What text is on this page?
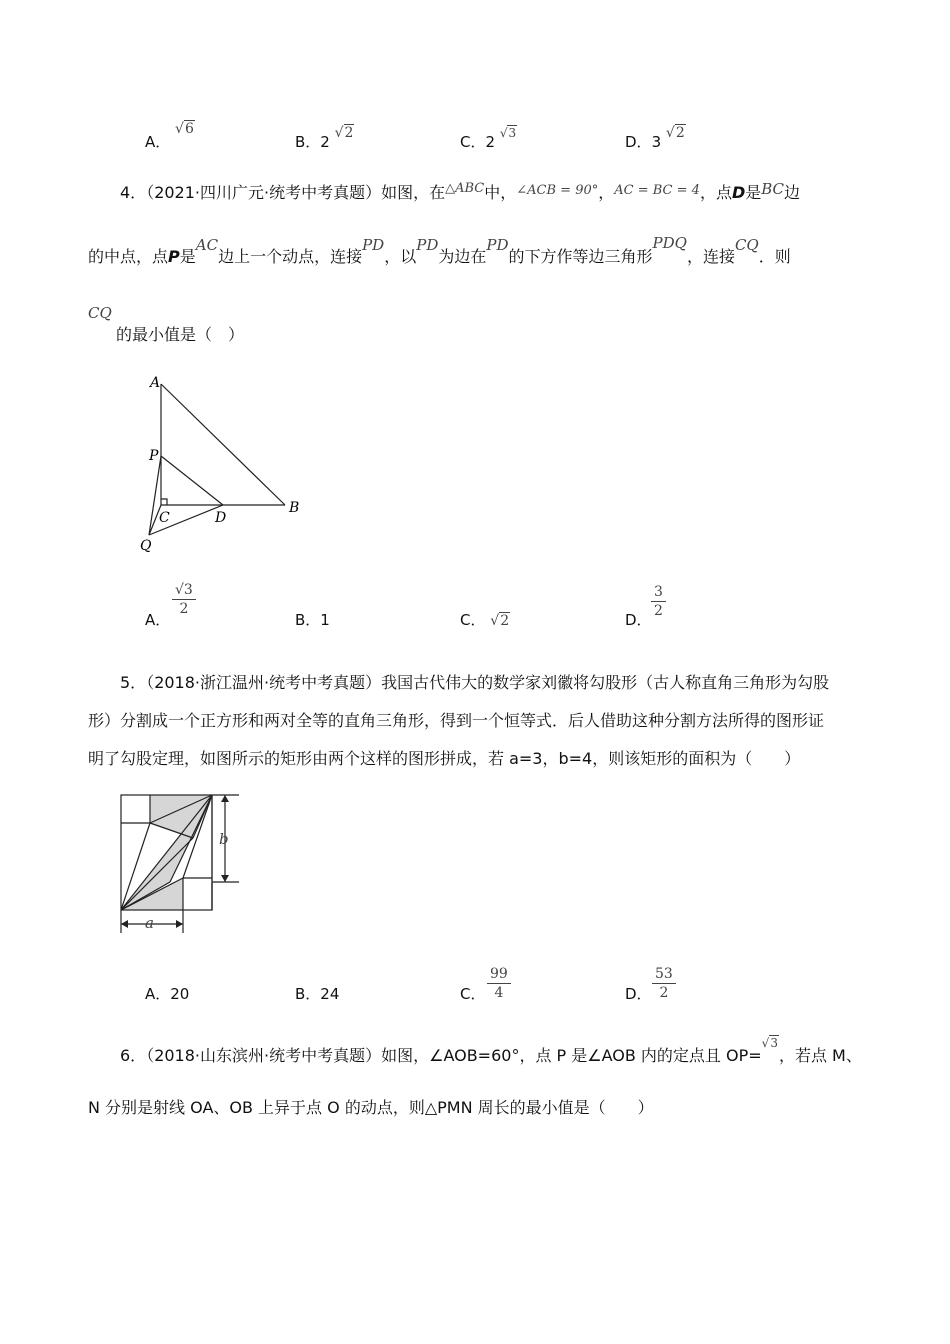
A． √6
B．2 √2	C．2 $^{√3}$	D．3 √2
4．（2021·四川广元·统考中考真题）如图，在$^{\triangle ABC}$中，$^{\angle ACB = 90^\circ}$，$^{AC = BC = 4}$，点D是BC边
的中点，点P是AC边上一个动点，连接PD，以PD为边在PD的下方作等边三角形PDQ，连接CQ．则
CQ
的最小值是（　）
A
P
C	D
B
Q
A．
√3
2
B．1	C． √2	D．
3
2
5．（2018·浙江温州·统考中考真题）我国古代伟大的数学家刘徽将勾股形（古人称直角三角形为勾股
形）分割成一个正方形和两对全等的直角三角形，得到一个恒等式．后人借助这种分割方法所得的图形证
明了勾股定理，如图所示的矩形由两个这样的图形拼成，若 a=3，b=4，则该矩形的面积为（　　）
b
a
A．20	B．24	C．
99
4	D．
53
2
6．（2018·山东滨州·统考中考真题）如图，∠AOB=60°，点 P 是∠AOB 内的定点且 OP=$^{√3}$，若点 M、
N 分别是射线 OA、OB 上异于点 O 的动点，则△PMN 周长的最小值是（　　）
